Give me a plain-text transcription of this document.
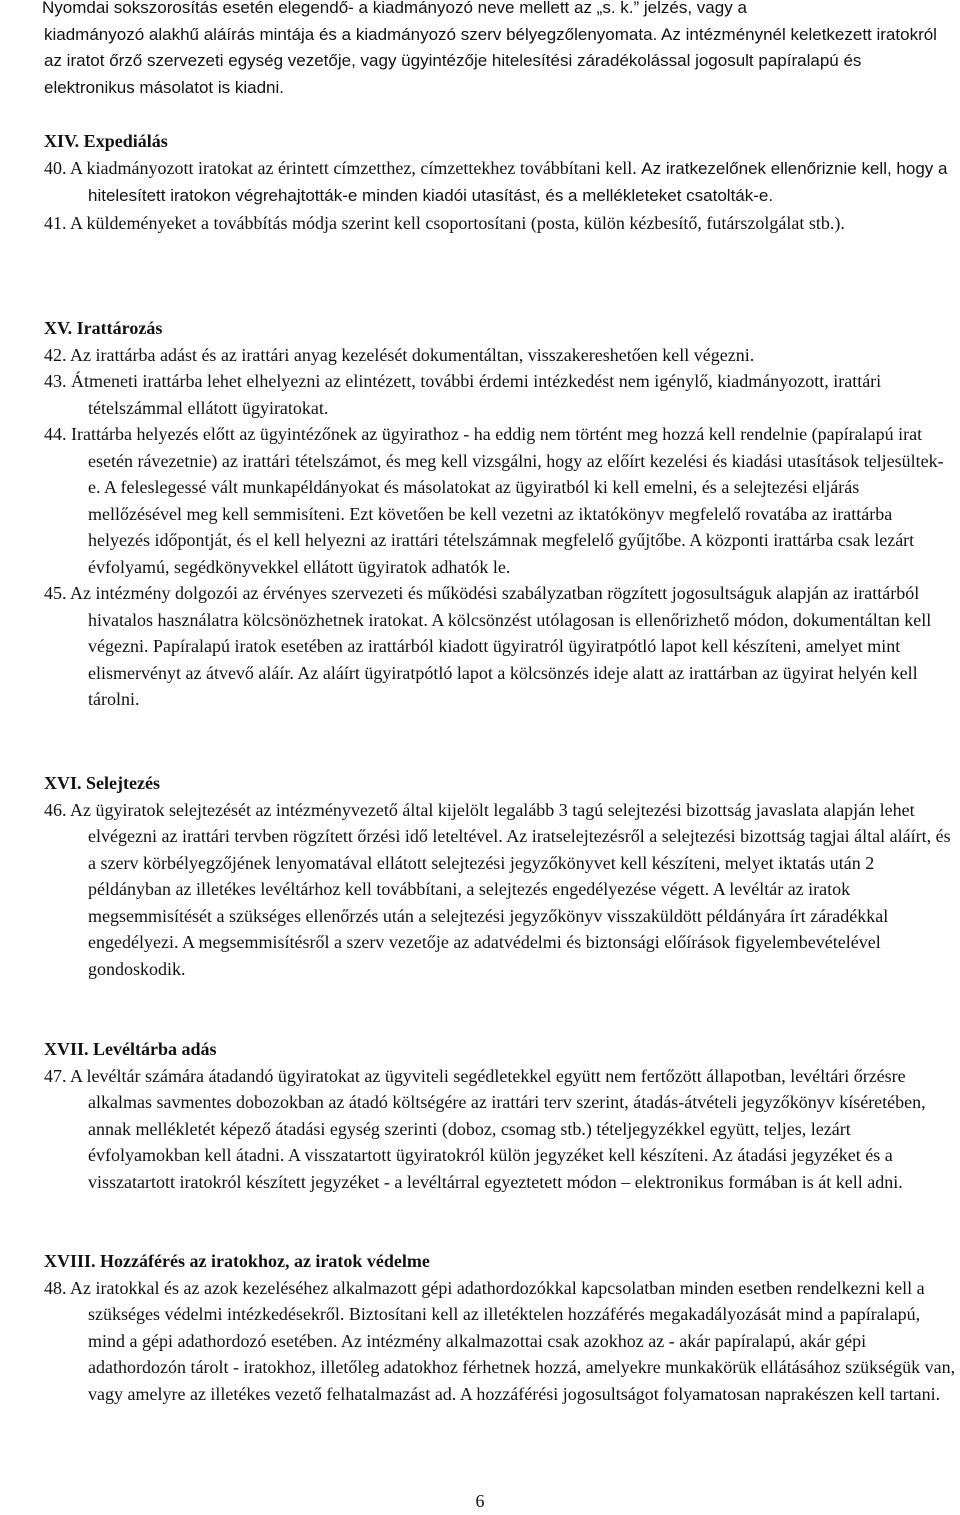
Nyomdai sokszorosítás esetén elegendő- a kiadmányozó neve mellett az „s. k.” jelzés, vagy a
kiadmányozó alakhű aláírás mintája és a kiadmányozó szerv bélyegzőlenyomata. Az intézménynél keletkezett iratokról az iratot őrző szervezeti egység vezetője, vagy ügyintézője hitelesítési záradékolással jogosult papíralapú és elektronikus másolatot is kiadni.

XIV. Expediálás

40. A kiadmányozott iratokat az érintett címzetthez, címzettekhez továbbítani kell. Az iratkezelőnek ellenőriznie kell, hogy a hitelesített iratokon végrehajtották-e minden kiadói utasítást, és a mellékleteket csatolták-e.

41. A küldeményeket a továbbítás módja szerint kell csoportosítani (posta, külön kézbesítő, futárszolgálat stb.).

XV. Irattározás

42. Az irattárba adást és az irattári anyag kezelését dokumentáltan, visszakereshetően kell végezni.

43. Átmeneti irattárba lehet elhelyezni az elintézett, további érdemi intézkedést nem igénylő, kiadmányozott, irattári tételszámmal ellátott ügyiratokat.

44. Irattárba helyezés előtt az ügyintézőnek az ügyirathoz - ha eddig nem történt meg hozzá kell rendelnie (papíralapú irat esetén rávezetnie) az irattári tételszámot, és meg kell vizsgálni, hogy az előírt kezelési és kiadási utasítások teljesültek-e. A feleslegessé vált munkapéldányokat és másolatokat az ügyiratból ki kell emelni, és a selejtezési eljárás mellőzésével meg kell semmisíteni. Ezt követően be kell vezetni az iktatókönyv megfelelő rovatába az irattárba helyezés időpontját, és el kell helyezni az irattári tételszámnak megfelelő gyűjtőbe. A központi irattárba csak lezárt évfolyamú, segédkönyvekkel ellátott ügyiratok adhatók le.

45. Az intézmény dolgozói az érvényes szervezeti és működési szabályzatban rögzített jogosultságuk alapján az irattárból hivatalos használatra kölcsönözhetnek iratokat. A kölcsönzést utólagosan is ellenőrizhető módon, dokumentáltan kell végezni. Papíralapú iratok esetében az irattárból kiadott ügyiratról ügyiratpótló lapot kell készíteni, amelyet mint elismervényt az átvevő aláír. Az aláírt ügyiratpótló lapot a kölcsönzés ideje alatt az irattárban az ügyirat helyén kell tárolni.

XVI. Selejtezés

46. Az ügyiratok selejtezését az intézményvezető által kijelölt legalább 3 tagú selejtezési bizottság javaslata alapján lehet elvégezni az irattári tervben rögzített őrzési idő leteltével. Az iratselejtezésről a selejtezési bizottság tagjai által aláírt, és a szerv körbélyegzőjének lenyomatával ellátott selejtezési jegyzőkönyvet kell készíteni, melyet iktatás után 2 példányban az illetékes levéltárhoz kell továbbítani, a selejtezés engedélyezése végett. A levéltár az iratok megsemmisítését a szükséges ellenőrzés után a selejtezési jegyzőkönyv visszaküldött példányára írt záradékkal engedélyezi. A megsemmisítésről a szerv vezetője az adatvédelmi és biztonsági előírások figyelembevételével gondoskodik.

XVII. Levéltárba adás

47. A levéltár számára átadandó ügyiratokat az ügyviteli segédletekkel együtt nem fertőzött állapotban, levéltári őrzésre alkalmas savmentes dobozokban az átadó költségére az irattári terv szerint, átadás-átvételi jegyzőkönyv kíséretében, annak mellékletét képező átadási egység szerinti (doboz, csomag stb.) tételjegyzékkel együtt, teljes, lezárt évfolyamokban kell átadni. A visszatartott ügyiratokról külön jegyzéket kell készíteni. Az átadási jegyzéket és a visszatartott iratokról készített jegyzéket - a levéltárral egyeztetett módon – elektronikus formában is át kell adni.

XVIII. Hozzáférés az iratokhoz, az iratok védelme

48. Az iratokkal és az azok kezeléséhez alkalmazott gépi adathordozókkal kapcsolatban minden esetben rendelkezni kell a szükséges védelmi intézkedésekről. Biztosítani kell az illetéktelen hozzáférés megakadályozását mind a papíralapú, mind a gépi adathordozó esetében. Az intézmény alkalmazottai csak azokhoz az - akár papíralapú, akár gépi adathordozón tárolt - iratokhoz, illetőleg adatokhoz férhetnek hozzá, amelyekre munkakörük ellátásához szükségük van, vagy amelyre az illetékes vezető felhatalmazást ad. A hozzáférési jogosultságot folyamatosan naprakészen kell tartani.

6
